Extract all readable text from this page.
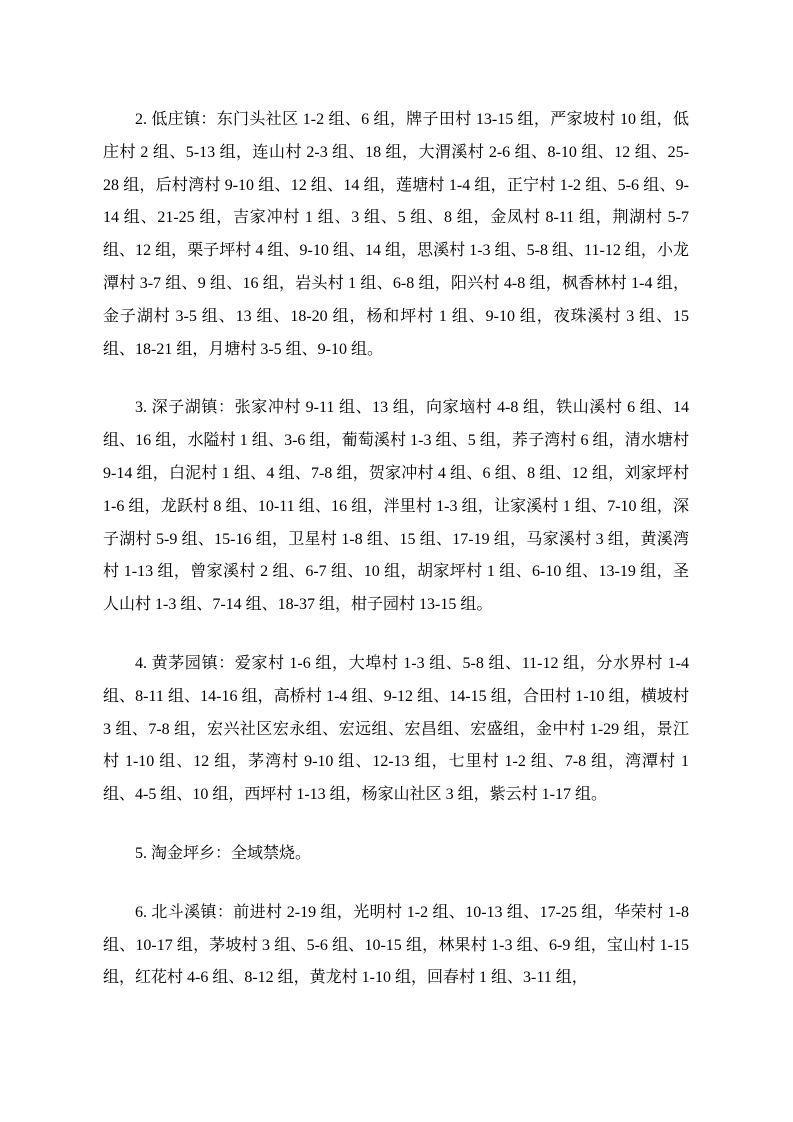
2. 低庄镇：东门头社区 1-2 组、6 组，牌子田村 13-15 组，严家坡村 10 组，低庄村 2 组、5-13 组，连山村 2-3 组、18 组，大渭溪村 2-6 组、8-10 组、12 组、25-28 组，后村湾村 9-10 组、12 组、14 组，莲塘村 1-4 组，正宁村 1-2 组、5-6 组、9-14 组、21-25 组，吉家冲村 1 组、3 组、5 组、8 组，金凤村 8-11 组，荆湖村 5-7 组、12 组，栗子坪村 4 组、9-10 组、14 组，思溪村 1-3 组、5-8 组、11-12 组，小龙潭村 3-7 组、9 组、16 组，岩头村 1 组、6-8 组，阳兴村 4-8 组，枫香林村 1-4 组，金子湖村 3-5 组、13 组、18-20 组，杨和坪村 1 组、9-10 组，夜珠溪村 3 组、15 组、18-21 组，月塘村 3-5 组、9-10 组。

3. 深子湖镇：张家冲村 9-11 组、13 组，向家垴村 4-8 组，铁山溪村 6 组、14 组、16 组，水隘村 1 组、3-6 组，葡萄溪村 1-3 组、5 组，荞子湾村 6 组，清水塘村 9-14 组，白泥村 1 组、4 组、7-8 组，贺家冲村 4 组、6 组、8 组、12 组，刘家坪村 1-6 组，龙跃村 8 组、10-11 组、16 组，泮里村 1-3 组，让家溪村 1 组、7-10 组，深子湖村 5-9 组、15-16 组，卫星村 1-8 组、15 组、17-19 组，马家溪村 3 组，黄溪湾村 1-13 组，曾家溪村 2 组、6-7 组、10 组，胡家坪村 1 组、6-10 组、13-19 组，圣人山村 1-3 组、7-14 组、18-37 组，柑子园村 13-15 组。

4. 黄茅园镇：爱家村 1-6 组，大埠村 1-3 组、5-8 组、11-12 组，分水界村 1-4 组、8-11 组、14-16 组，高桥村 1-4 组、9-12 组、14-15 组，合田村 1-10 组，横坡村 3 组、7-8 组，宏兴社区宏永组、宏远组、宏昌组、宏盛组，金中村 1-29 组，景江村 1-10 组、12 组，茅湾村 9-10 组、12-13 组，七里村 1-2 组、7-8 组，湾潭村 1 组、4-5 组、10 组，西坪村 1-13 组，杨家山社区 3 组，紫云村 1-17 组。

5. 淘金坪乡：全域禁烧。

6. 北斗溪镇：前进村 2-19 组，光明村 1-2 组、10-13 组、17-25 组，华荣村 1-8 组、10-17 组，茅坡村 3 组、5-6 组、10-15 组，林果村 1-3 组、6-9 组，宝山村 1-15 组，红花村 4-6 组、8-12 组，黄龙村 1-10 组，回春村 1 组、3-11 组，
